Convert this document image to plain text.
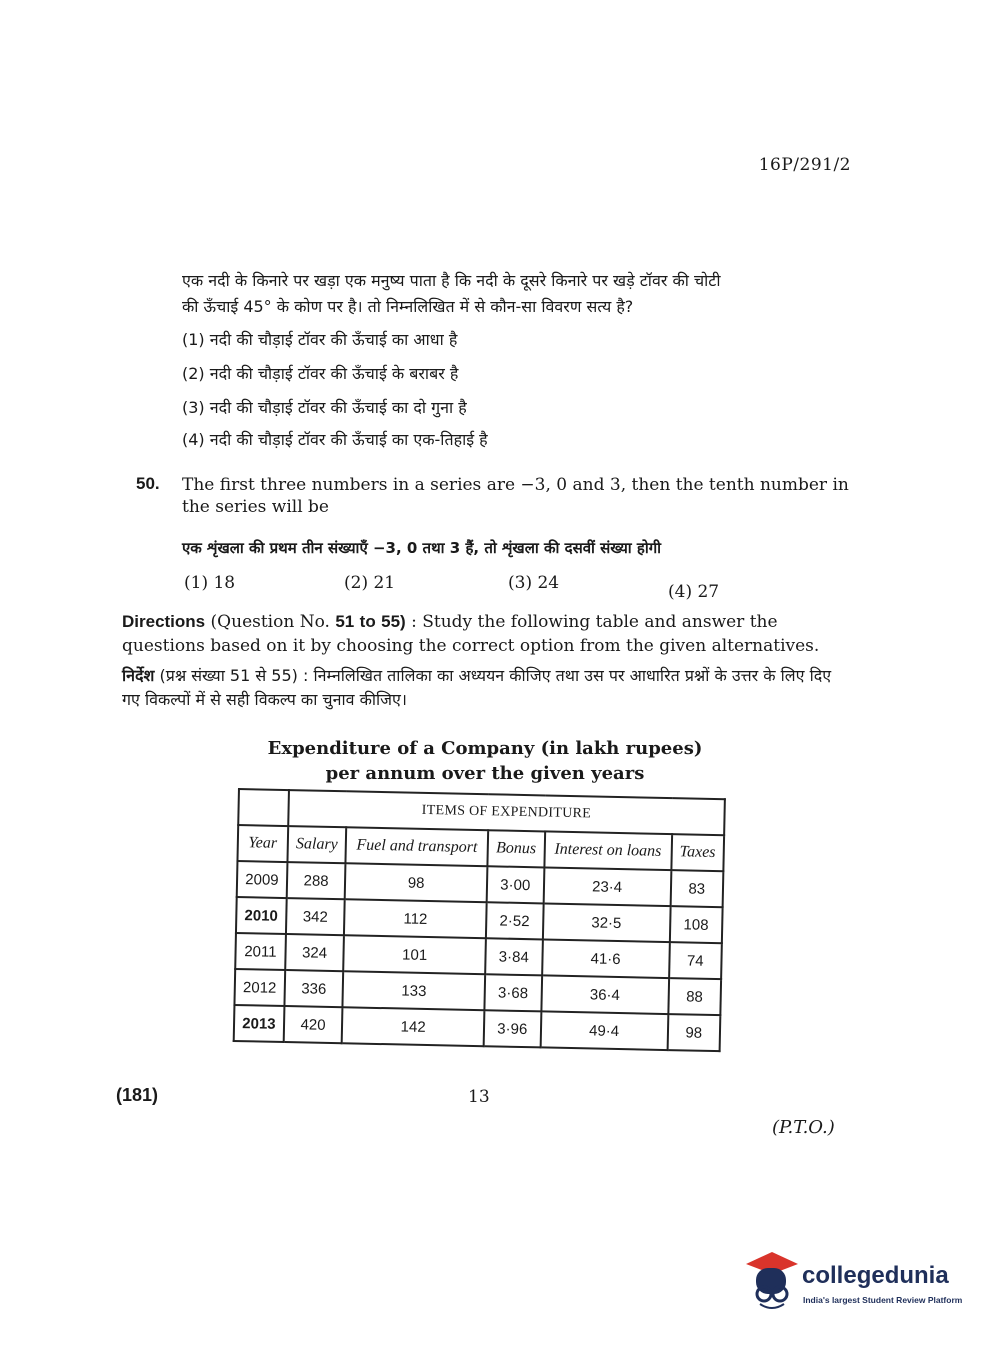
16P/291/2
एक नदी के किनारे पर खड़ा एक मनुष्य पाता है कि नदी के दूसरे किनारे पर खड़े टॉवर की चोटी
की ऊँचाई 45° के कोण पर है। तो निम्नलिखित में से कौन-सा विवरण सत्य है?
(1) नदी की चौड़ाई टॉवर की ऊँचाई का आधा है
(2) नदी की चौड़ाई टॉवर की ऊँचाई के बराबर है
(3) नदी की चौड़ाई टॉवर की ऊँचाई का दो गुना है
(4) नदी की चौड़ाई टॉवर की ऊँचाई का एक-तिहाई है
50. The first three numbers in a series are −3, 0 and 3, then the tenth number in the series will be
एक शृंखला की प्रथम तीन संख्याएँ −3, 0 तथा 3 हैं, तो शृंखला की दसवीं संख्या होगी
(1) 18	(2) 21	(3) 24	(4) 27
Directions (Question No. 51 to 55) : Study the following table and answer the questions based on it by choosing the correct option from the given alternatives.
निर्देश (प्रश्न संख्या 51 से 55) : निम्नलिखित तालिका का अध्ययन कीजिए तथा उस पर आधारित प्रश्नों के उत्तर के लिए दिए गए विकल्पों में से सही विकल्प का चुनाव कीजिए।
Expenditure of a Company (in lakh rupees)
per annum over the given years
	ITEMS OF EXPENDITURE				
Year	Salary	Fuel and transport	Bonus	Interest on loans	Taxes
2009	288	98	3·00	23·4	83
2010	342	112	2·52	32·5	108
2011	324	101	3·84	41·6	74
2012	336	133	3·68	36·4	88
2013	420	142	3·96	49·4	98
(181)	13
(P.T.O.)
collegedunia
India's largest Student Review Platform
